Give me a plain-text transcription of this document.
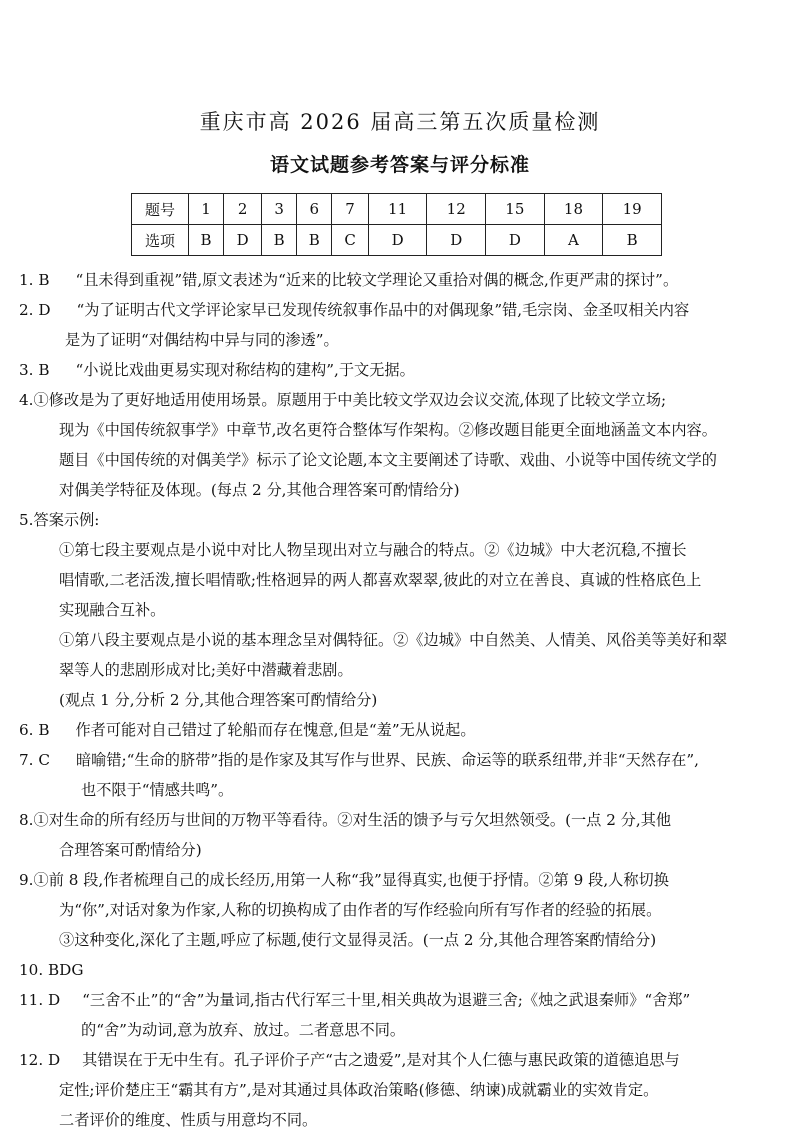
重庆市高 2026 届高三第五次质量检测
语文试题参考答案与评分标准
题号	1	2	3	6	7	11	12	15	18	19
选项	B	D	B	B	C	D	D	D	A	B
1. B	“且未得到重视”错,原文表述为“近来的比较文学理论又重拾对偶的概念,作更严肃的探讨”。
2. D	“为了证明古代文学评论家早已发现传统叙事作品中的对偶现象”错,毛宗岗、金圣叹相关内容
是为了证明“对偶结构中异与同的渗透”。
3. B	“小说比戏曲更易实现对称结构的建构”,于文无据。
4. ①修改是为了更好地适用使用场景。原题用于中美比较文学双边会议交流,体现了比较文学立场;
现为《中国传统叙事学》中章节,改名更符合整体写作架构。②修改题目能更全面地涵盖文本内容。
题目《中国传统的对偶美学》标示了论文论题,本文主要阐述了诗歌、戏曲、小说等中国传统文学的
对偶美学特征及体现。(每点 2 分,其他合理答案可酌情给分)
5. 答案示例:
①第七段主要观点是小说中对比人物呈现出对立与融合的特点。②《边城》中大老沉稳,不擅长
唱情歌,二老活泼,擅长唱情歌;性格迥异的两人都喜欢翠翠,彼此的对立在善良、真诚的性格底色上
实现融合互补。
①第八段主要观点是小说的基本理念呈对偶特征。②《边城》中自然美、人情美、风俗美等美好和翠
翠等人的悲剧形成对比;美好中潜藏着悲剧。
(观点 1 分,分析 2 分,其他合理答案可酌情给分)
6. B	作者可能对自己错过了轮船而存在愧意,但是“羞”无从说起。
7. C	暗喻错;“生命的脐带”指的是作家及其写作与世界、民族、命运等的联系纽带,并非“天然存在”,
也不限于“情感共鸣”。
8. ①对生命的所有经历与世间的万物平等看待。②对生活的馈予与亏欠坦然领受。(一点 2 分,其他
合理答案可酌情给分)
9. ①前 8 段,作者梳理自己的成长经历,用第一人称“我”显得真实,也便于抒情。②第 9 段,人称切换
为“你”,对话对象为作家,人称的切换构成了由作者的写作经验向所有写作者的经验的拓展。
③这种变化,深化了主题,呼应了标题,使行文显得灵活。(一点 2 分,其他合理答案酌情给分)
10. BDG
11. D	“三舍不止”的“舍”为量词,指古代行军三十里,相关典故为退避三舍;《烛之武退秦师》“舍郑”
的“舍”为动词,意为放弃、放过。二者意思不同。
12. D	其错误在于无中生有。孔子评价子产“古之遗爱”,是对其个人仁德与惠民政策的道德追思与
定性;评价楚庄王“霸其有方”,是对其通过具体政治策略(修德、纳谏)成就霸业的实效肯定。
二者评价的维度、性质与用意均不同。
